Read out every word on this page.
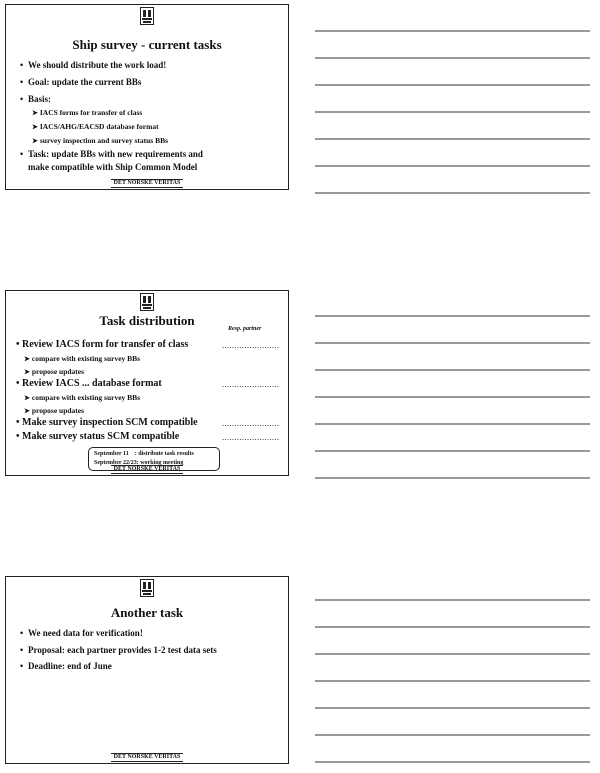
Ship survey - current tasks
• We should distribute the work load!
• Goal: update the current BBs
• Basis:
➤ IACS forms for transfer of class
➤ IACS/AHG/EACSD database format
➤ survey inspection and survey status BBs
• Task: update BBs with new requirements and
make compatible with Ship Common Model
DET NORSKE VERITAS
Task distribution
Resp. partner
• Review IACS form for transfer of class	.......................
➤ compare with existing survey BBs
➤ propose updates
• Review IACS ... database format	.......................
➤ compare with existing survey BBs
➤ propose updates
• Make survey inspection SCM compatible	.......................
• Make survey status SCM compatible	.......................
September 11    : distribute task results
September 22/23: working meeting
DET NORSKE VERITAS
Another task
• We need data for verification!
• Proposal: each partner provides 1-2 test data sets
• Deadline: end of June
DET NORSKE VERITAS
